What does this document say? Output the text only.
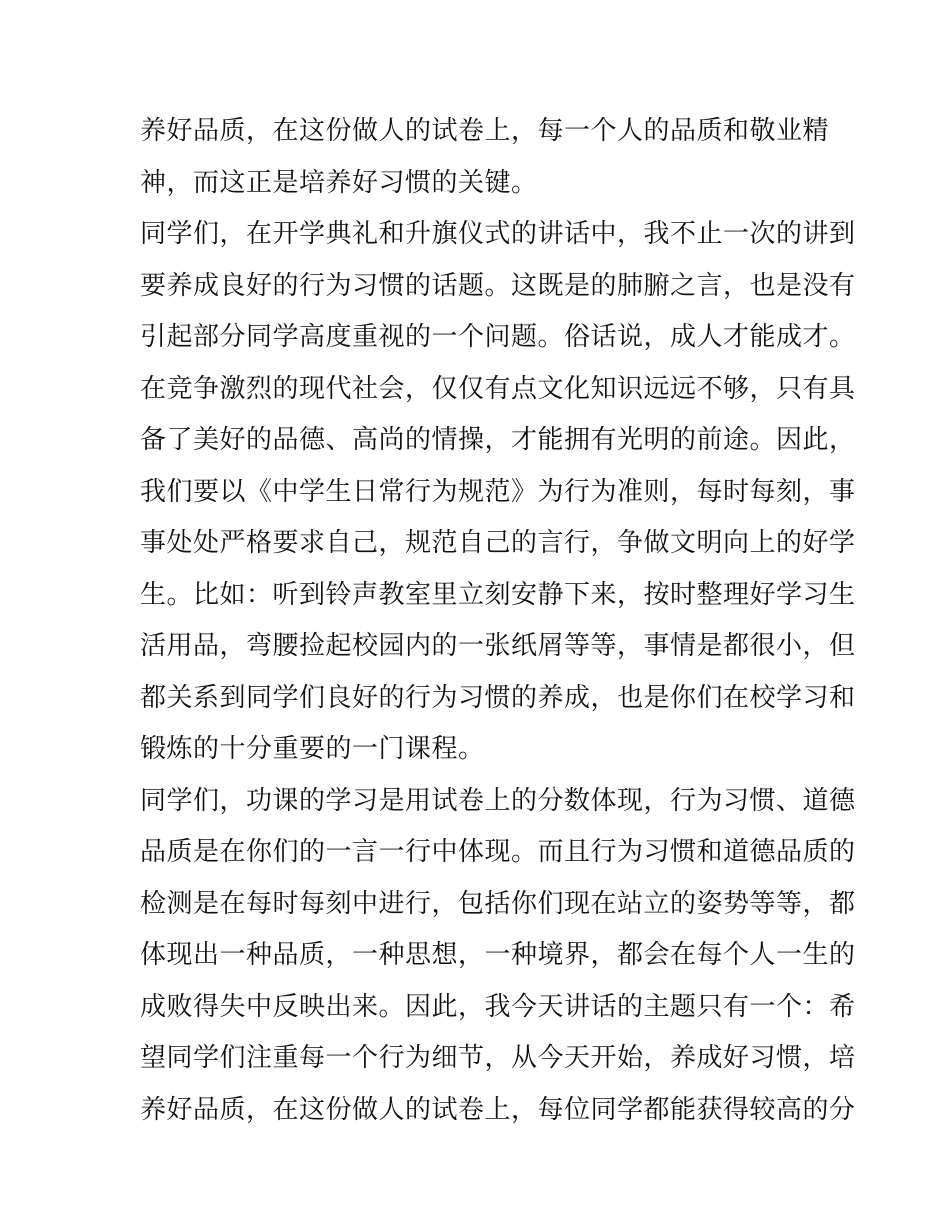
养好品质，在这份做人的试卷上，每一个人的品质和敬业精
神，而这正是培养好习惯的关键。
同学们，在开学典礼和升旗仪式的讲话中，我不止一次的讲到
要养成良好的行为习惯的话题。这既是的肺腑之言，也是没有
引起部分同学高度重视的一个问题。俗话说，成人才能成才。
在竞争激烈的现代社会，仅仅有点文化知识远远不够，只有具
备了美好的品德、高尚的情操，才能拥有光明的前途。因此，
我们要以《中学生日常行为规范》为行为准则，每时每刻，事
事处处严格要求自己，规范自己的言行，争做文明向上的好学
生。比如：听到铃声教室里立刻安静下来，按时整理好学习生
活用品，弯腰捡起校园内的一张纸屑等等，事情是都很小，但
都关系到同学们良好的行为习惯的养成，也是你们在校学习和
锻炼的十分重要的一门课程。
同学们，功课的学习是用试卷上的分数体现，行为习惯、道德
品质是在你们的一言一行中体现。而且行为习惯和道德品质的
检测是在每时每刻中进行，包括你们现在站立的姿势等等，都
体现出一种品质，一种思想，一种境界，都会在每个人一生的
成败得失中反映出来。因此，我今天讲话的主题只有一个：希
望同学们注重每一个行为细节，从今天开始，养成好习惯，培
养好品质，在这份做人的试卷上，每位同学都能获得较高的分
